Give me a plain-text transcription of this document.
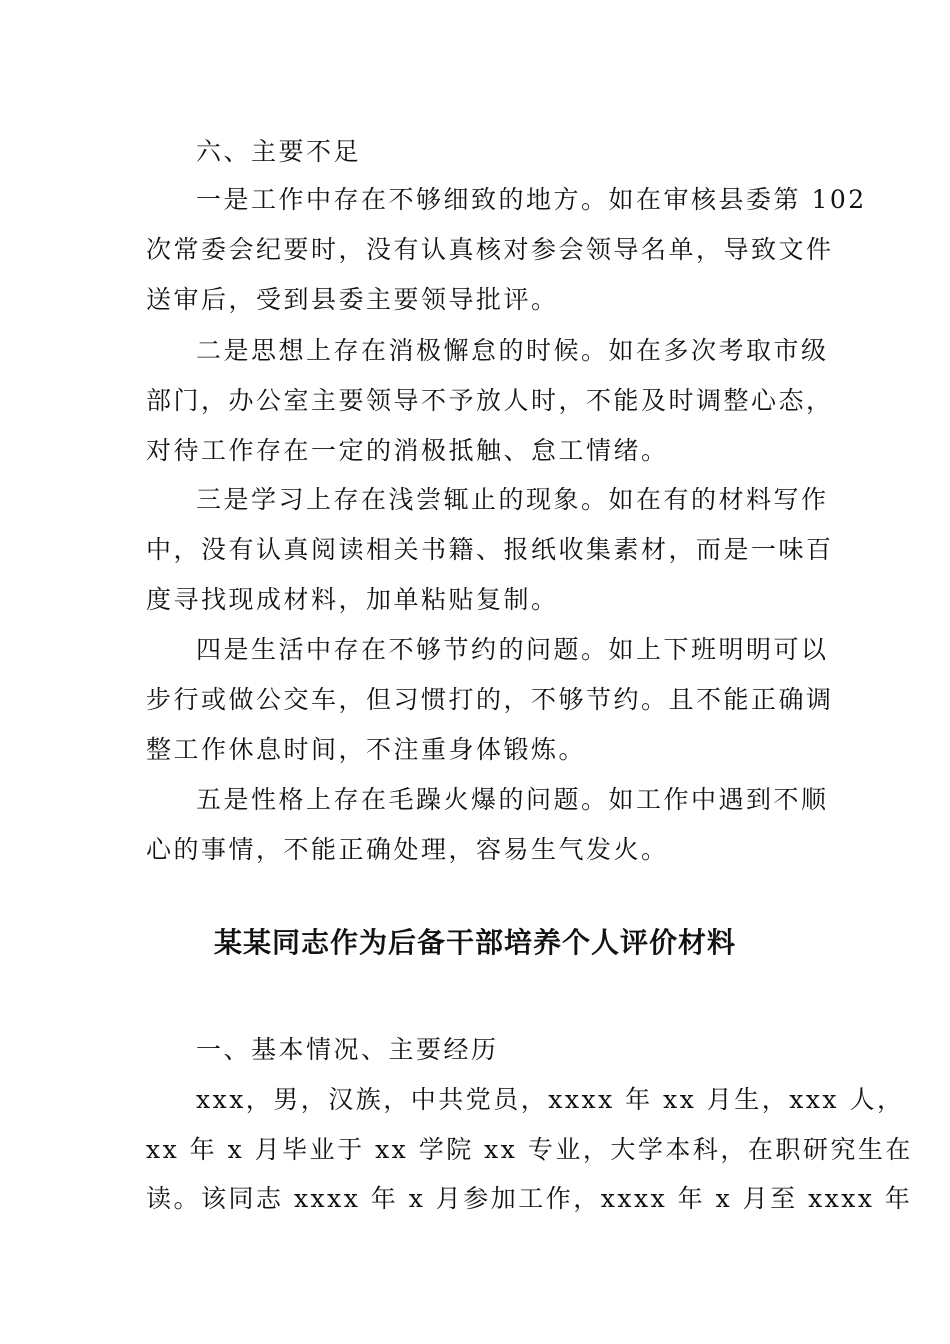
六、主要不足
一是工作中存在不够细致的地方。如在审核县委第 102
次常委会纪要时，没有认真核对参会领导名单，导致文件
送审后，受到县委主要领导批评。
二是思想上存在消极懈怠的时候。如在多次考取市级
部门，办公室主要领导不予放人时，不能及时调整心态，
对待工作存在一定的消极抵触、怠工情绪。
三是学习上存在浅尝辄止的现象。如在有的材料写作
中，没有认真阅读相关书籍、报纸收集素材，而是一味百
度寻找现成材料，加单粘贴复制。
四是生活中存在不够节约的问题。如上下班明明可以
步行或做公交车，但习惯打的，不够节约。且不能正确调
整工作休息时间，不注重身体锻炼。
五是性格上存在毛躁火爆的问题。如工作中遇到不顺
心的事情，不能正确处理，容易生气发火。
某某同志作为后备干部培养个人评价材料
一、基本情况、主要经历
xxx，男，汉族，中共党员，xxxx 年 xx 月生，xxx 人，
xx 年 x 月毕业于 xx 学院 xx 专业，大学本科，在职研究生在
读。该同志 xxxx 年 x 月参加工作，xxxx 年 x 月至 xxxx 年
